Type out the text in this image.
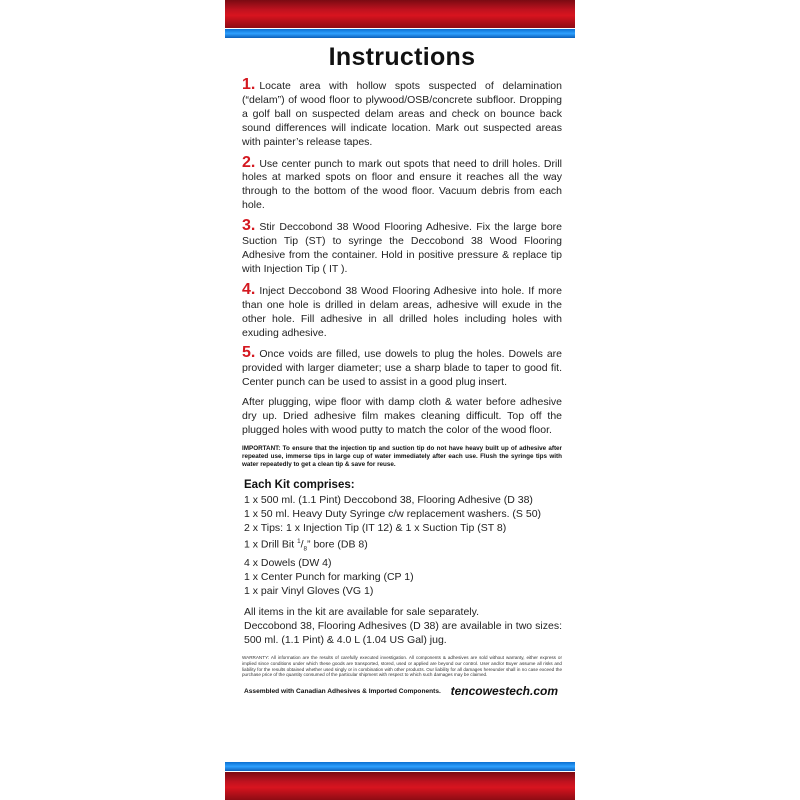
Instructions
1. Locate area with hollow spots suspected of delamination (“delam”) of wood floor to plywood/OSB/concrete subfloor. Dropping a golf ball on suspected delam areas and check on bounce back sound differences will indicate location. Mark out suspected areas with painter’s release tapes.
2. Use center punch to mark out spots that need to drill holes. Drill holes at marked spots on floor and ensure it reaches all the way through to the bottom of the wood floor. Vacuum debris from each hole.
3. Stir Deccobond 38 Wood Flooring Adhesive. Fix the large bore Suction Tip (ST) to syringe the Deccobond 38 Wood Flooring Adhesive from the container. Hold in positive pressure & replace tip with Injection Tip ( IT ).
4. Inject Deccobond 38 Wood Flooring Adhesive into hole. If more than one hole is drilled in delam areas, adhesive will exude in the other hole. Fill adhesive in all drilled holes including holes with exuding adhesive.
5. Once voids are filled, use dowels to plug the holes. Dowels are provided with larger diameter; use a sharp blade to taper to good fit. Center punch can be used to assist in a good plug insert.
After plugging, wipe floor with damp cloth & water before adhesive dry up. Dried adhesive film makes cleaning difficult. Top off the plugged holes with wood putty to match the color of the wood floor.
IMPORTANT: To ensure that the injection tip and suction tip do not have heavy built up of adhesive after repeated use, immerse tips in large cup of water immediately after each use. Flush the syringe tips with water repeatedly to get a clean tip & save for reuse.
Each Kit comprises:
1 x 500 ml. (1.1 Pint) Deccobond 38, Flooring Adhesive (D 38)
1 x 50 ml. Heavy Duty Syringe c/w replacement washers. (S 50)
2 x Tips: 1 x Injection Tip (IT 12) & 1 x Suction Tip (ST 8)
1 x Drill Bit $^1/_8$” bore (DB 8)
4 x Dowels (DW 4)
1 x Center Punch for marking (CP 1)
1 x pair Vinyl Gloves (VG 1)
All items in the kit are available for sale separately.
Deccobond 38, Flooring Adhesives (D 38) are available in two sizes: 500 ml. (1.1 Pint) & 4.0 L (1.04 US Gal) jug.
WARRANTY: All information are the results of carefully executed investigation. All components & adhesives are sold without warranty, either express or implied since conditions under which these goods are transported, stored, used or applied are beyond our control. User and/or Buyer assume all risks and liability for the results obtained whether used singly or in combination with other products. Our liability for all damages hereunder shall in no case exceed the purchase price of the quantity consumed of the particular shipment with respect to which such damages may be claimed.
Assembled with Canadian Adhesives & Imported Components. tencowestech.com
